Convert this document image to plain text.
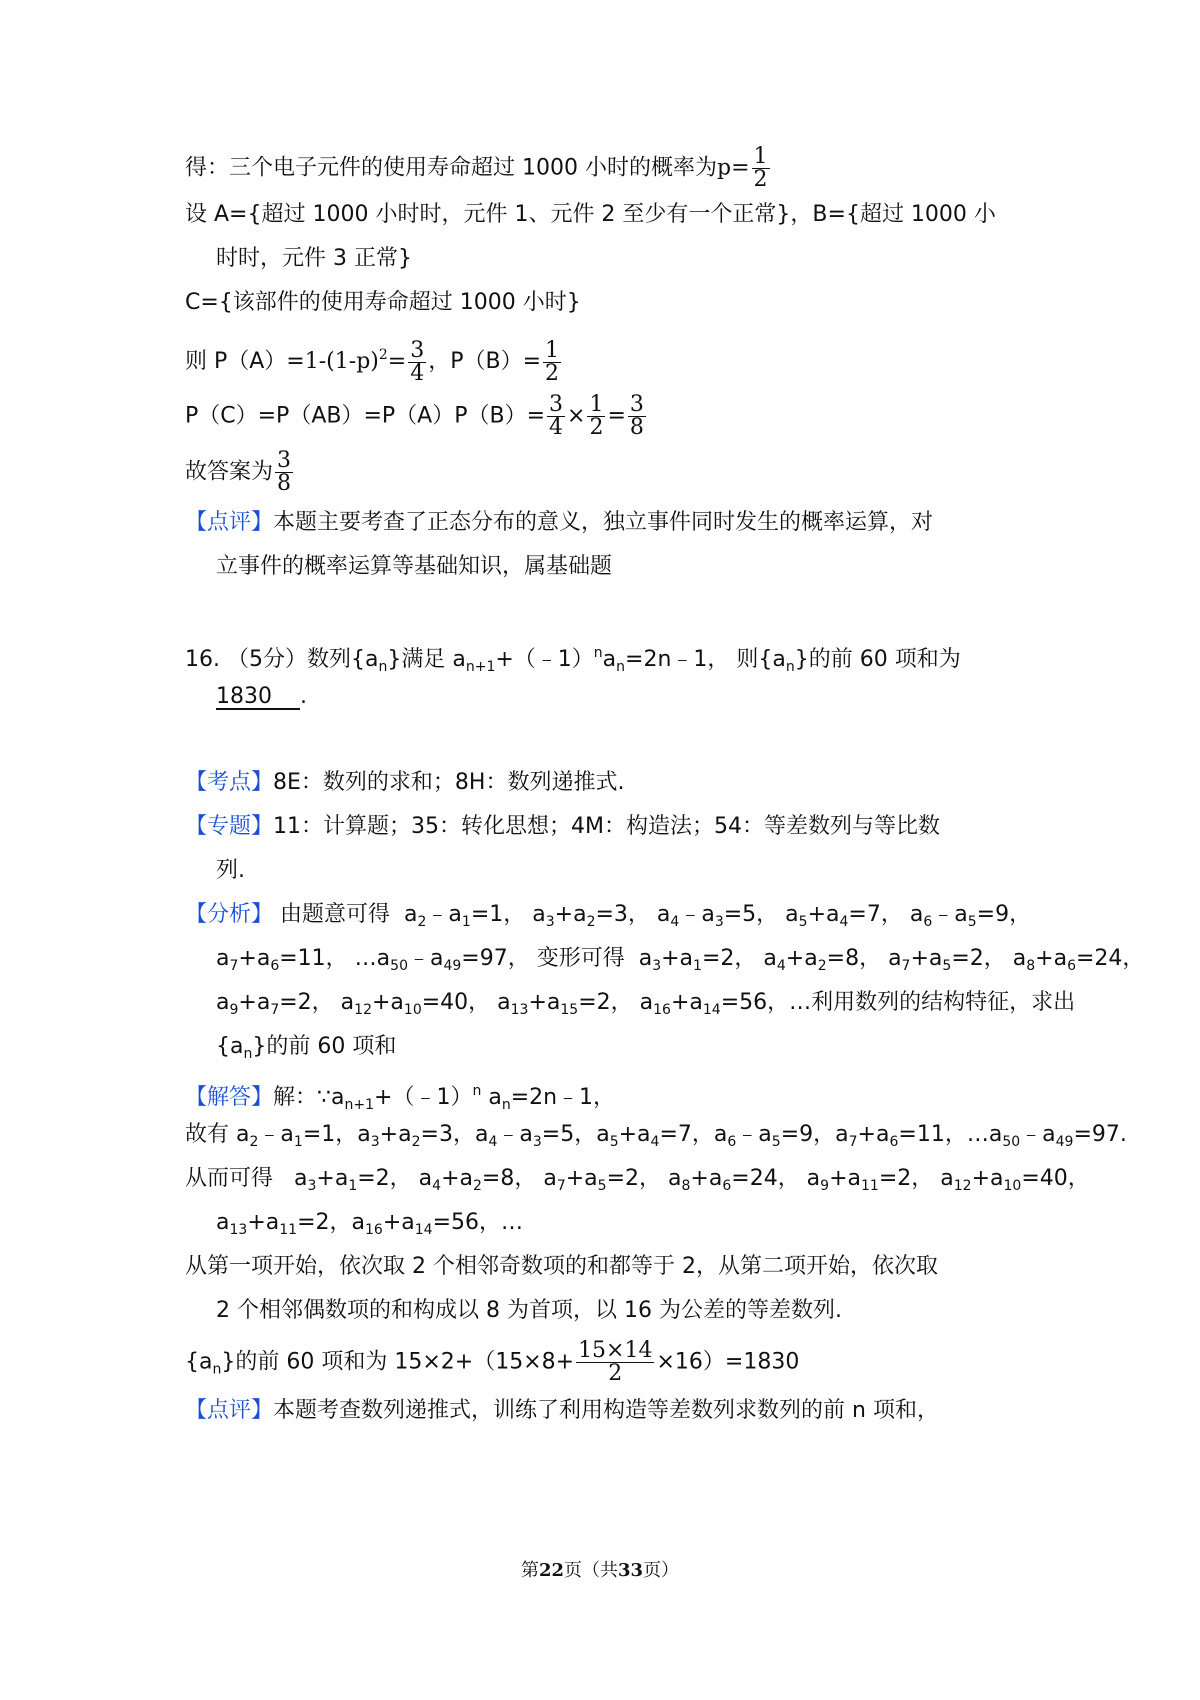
得：三个电子元件的使用寿命超过 1000 小时的概率为$p= \frac{1}{2}$
设 A={超过 1000 小时时，元件 1、元件 2 至少有一个正常}，B={超过 1000 小
时时，元件 3 正常}
C={该部件的使用寿命超过 1000 小时}
则 $P(A)=1-(1-p)^2= \frac{3}{4}$ ，$P(B)= \frac{1}{2}$
$P(C)=P(AB)=P(A)P(B)= \frac{3}{4} \times \frac{1}{2} = \frac{3}{8}$
故答案为 $\frac{3}{8}$
【点评】本题主要考查了正态分布的意义，独立事件同时发生的概率运算，对
立事件的概率运算等基础知识，属基础题
16. （5分）数列$\{a_n\}$满足 $a_{n+1}+(﹣1)^na_n=2n﹣1$， 则$\{a_n\}$的前 60 项和为
1830 .
【考点】8E：数列的求和；8H：数列递推式.
【专题】11：计算题；35：转化思想；4M：构造法；54：等差数列与等比数
列.
【分析】 由题意可得  $a_2﹣a_1=1$， $a_3+a_2=3$， $a_4﹣a_3=5$， $a_5+a_4=7$， $a_6﹣a_5=9$，
$a_7+a_6=11$， $\dots a_{50}﹣a_{49}=97$， 变形可得  $a_3+a_1=2$， $a_4+a_2=8$， $a_7+a_5=2$， $a_8+a_6=24$，
$a_9+a_7=2$， $a_{12}+a_{10}=40$， $a_{13}+a_{15}=2$， $a_{16}+a_{14}=56$，…利用数列的结构特征，求出
$\{a_n\}$的前 60 项和
【解答】解：$\because a_{n+1}+(﹣1)^n$ $a_n=2n﹣1$，
故有 $a_2﹣a_1=1$，$a_3+a_2=3$，$a_4﹣a_3=5$，$a_5+a_4=7$，$a_6﹣a_5=9$，$a_7+a_6=11$，$\dots a_{50}﹣a_{49}=97$.
从而可得   $a_3+a_1=2$， $a_4+a_2=8$， $a_7+a_5=2$， $a_8+a_6=24$， $a_9+a_{11}=2$， $a_{12}+a_{10}=40$，
$a_{13}+a_{11}=2$，$a_{16}+a_{14}=56$，…
从第一项开始，依次取 2 个相邻奇数项的和都等于 2，从第二项开始，依次取
2 个相邻偶数项的和构成以 8 为首项，以 16 为公差的等差数列.
$\{a_n\}$的前 60 项和为 $15\times 2+(15\times 8+ \frac{15\times 14}{2} \times 16)=1830$
【点评】本题考查数列递推式，训练了利用构造等差数列求数列的前 n 项和，
第22页（共33页）
